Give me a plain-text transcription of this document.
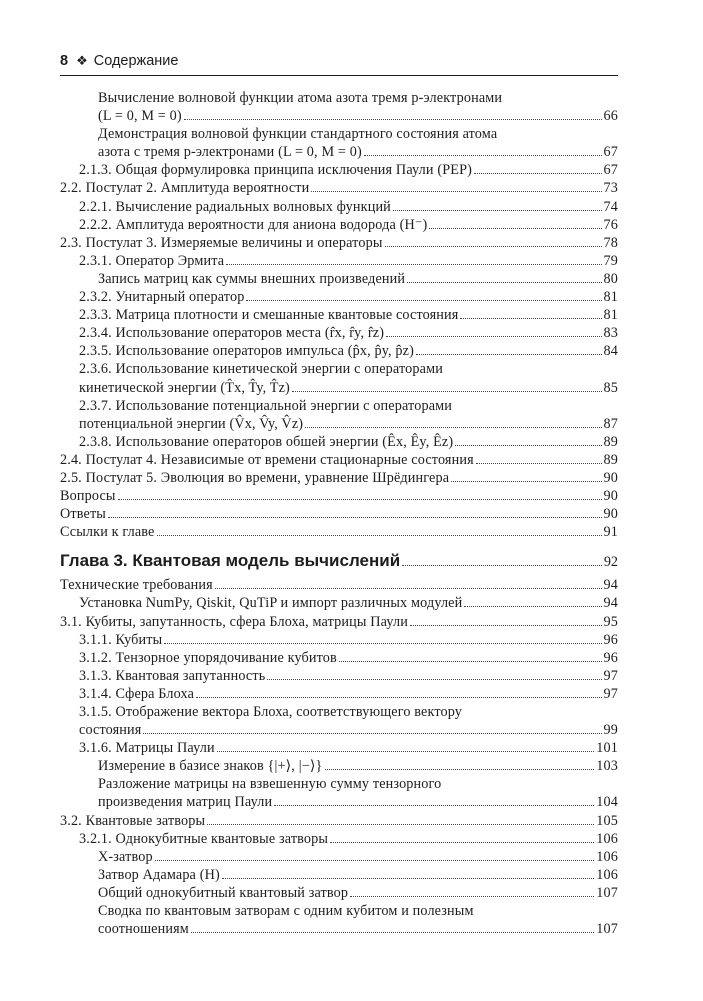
8 ❖ Содержание
Вычисление волновой функции атома азота тремя p-электронами
(L = 0, M = 0)	66
Демонстрация волновой функции стандартного состояния атома
азота с тремя p-электронами (L = 0, M = 0)	67
2.1.3. Общая формулировка принципа исключения Паули (PEP)	67
2.2. Постулат 2. Амплитуда вероятности	73
2.2.1. Вычисление радиальных волновых функций	74
2.2.2. Амплитуда вероятности для аниона водорода (H⁻)	76
2.3. Постулат 3. Измеряемые величины и операторы	78
2.3.1. Оператор Эрмита	79
Запись матриц как суммы внешних произведений	80
2.3.2. Унитарный оператор	81
2.3.3. Матрица плотности и смешанные квантовые состояния	81
2.3.4. Использование операторов места (r̂x, r̂y, r̂z)	83
2.3.5. Использование операторов импульса (p̂x, p̂y, p̂z)	84
2.3.6. Использование кинетической энергии с операторами
кинетической энергии (T̂x, T̂y, T̂z)	85
2.3.7. Использование потенциальной энергии с операторами
потенциальной энергии (V̂x, V̂y, V̂z)	87
2.3.8. Использование операторов обшей энергии (Êx, Êy, Êz)	89
2.4. Постулат 4. Независимые от времени стационарные состояния	89
2.5. Постулат 5. Эволюция во времени, уравнение Шрёдингера	90
Вопросы	90
Ответы	90
Ссылки к главе	91
Глава 3. Квантовая модель вычислений	92
Технические требования	94
Установка NumPy, Qiskit, QuTiP и импорт различных модулей	94
3.1. Кубиты, запутанность, сфера Блоха, матрицы Паули	95
3.1.1. Кубиты	96
3.1.2. Тензорное упорядочивание кубитов	96
3.1.3. Квантовая запутанность	97
3.1.4. Сфера Блоха	97
3.1.5. Отображение вектора Блоха, соответствующего вектору
состояния	99
3.1.6. Матрицы Паули	101
Измерение в базисе знаков {|+⟩, |−⟩}	103
Разложение матрицы на взвешенную сумму тензорного
произведения матриц Паули	104
3.2. Квантовые затворы	105
3.2.1. Однокубитные квантовые затворы	106
X-затвор	106
Затвор Адамара (H)	106
Общий однокубитный квантовый затвор	107
Сводка по квантовым затворам с одним кубитом и полезным
соотношениям	107
